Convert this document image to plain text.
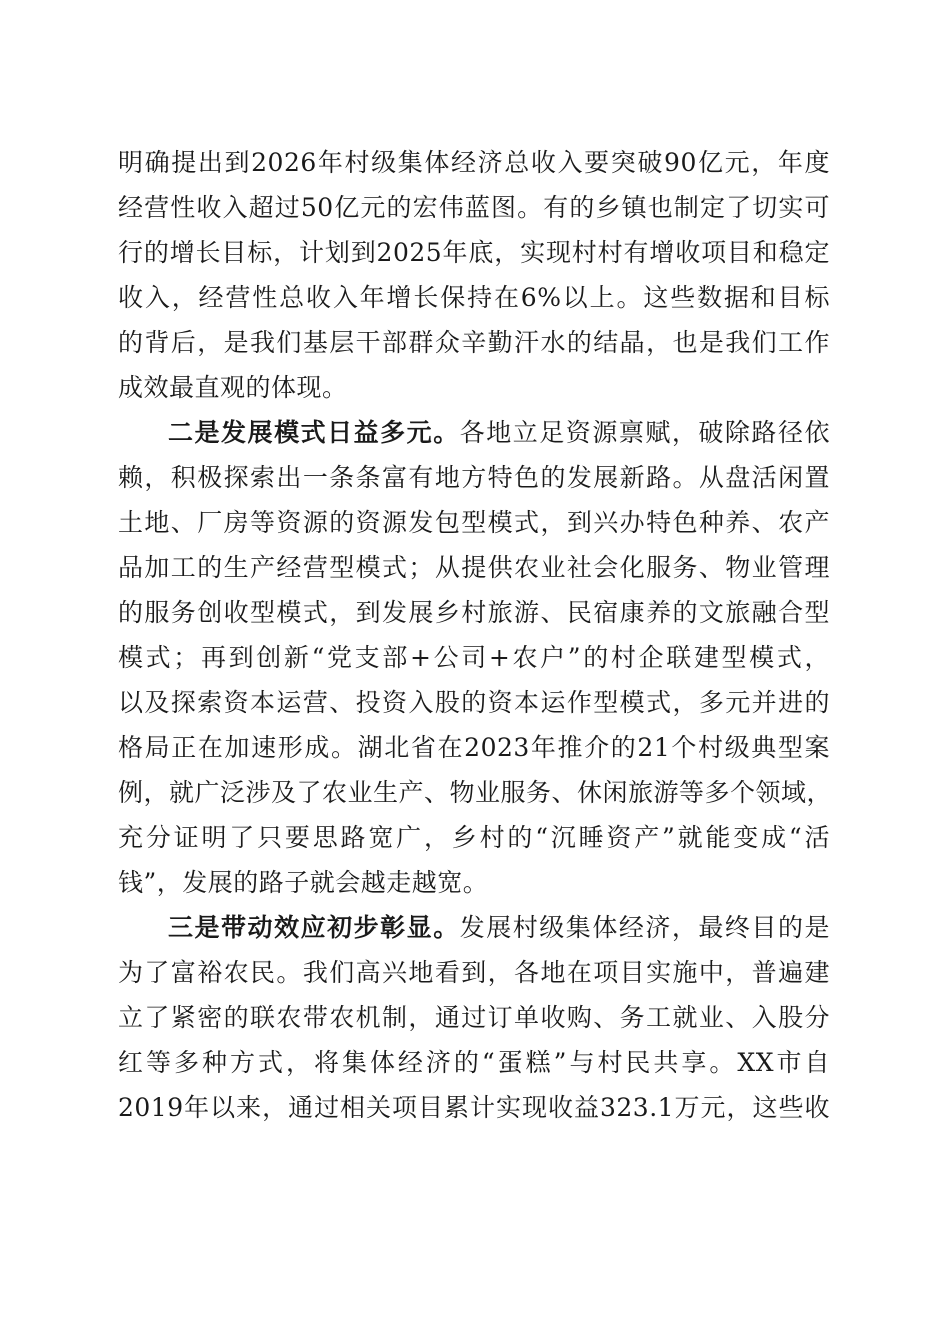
明确提出到2026年村级集体经济总收入要突破90亿元，年度
经营性收入超过50亿元的宏伟蓝图。有的乡镇也制定了切实可
行的增长目标，计划到2025年底，实现村村有增收项目和稳定
收入，经营性总收入年增长保持在6%以上。这些数据和目标
的背后，是我们基层干部群众辛勤汗水的结晶，也是我们工作
成效最直观的体现。
二是发展模式日益多元。各地立足资源禀赋，破除路径依
赖，积极探索出一条条富有地方特色的发展新路。从盘活闲置
土地、厂房等资源的资源发包型模式，到兴办特色种养、农产
品加工的生产经营型模式；从提供农业社会化服务、物业管理
的服务创收型模式，到发展乡村旅游、民宿康养的文旅融合型
模式；再到创新“党支部+公司+农户”的村企联建型模式，
以及探索资本运营、投资入股的资本运作型模式，多元并进的
格局正在加速形成。湖北省在2023年推介的21个村级典型案
例，就广泛涉及了农业生产、物业服务、休闲旅游等多个领域，
充分证明了只要思路宽广，乡村的“沉睡资产”就能变成“活
钱”，发展的路子就会越走越宽。
三是带动效应初步彰显。发展村级集体经济，最终目的是
为了富裕农民。我们高兴地看到，各地在项目实施中，普遍建
立了紧密的联农带农机制，通过订单收购、务工就业、入股分
红等多种方式，将集体经济的“蛋糕”与村民共享。XX市自
2019年以来，通过相关项目累计实现收益323.1万元，这些收
